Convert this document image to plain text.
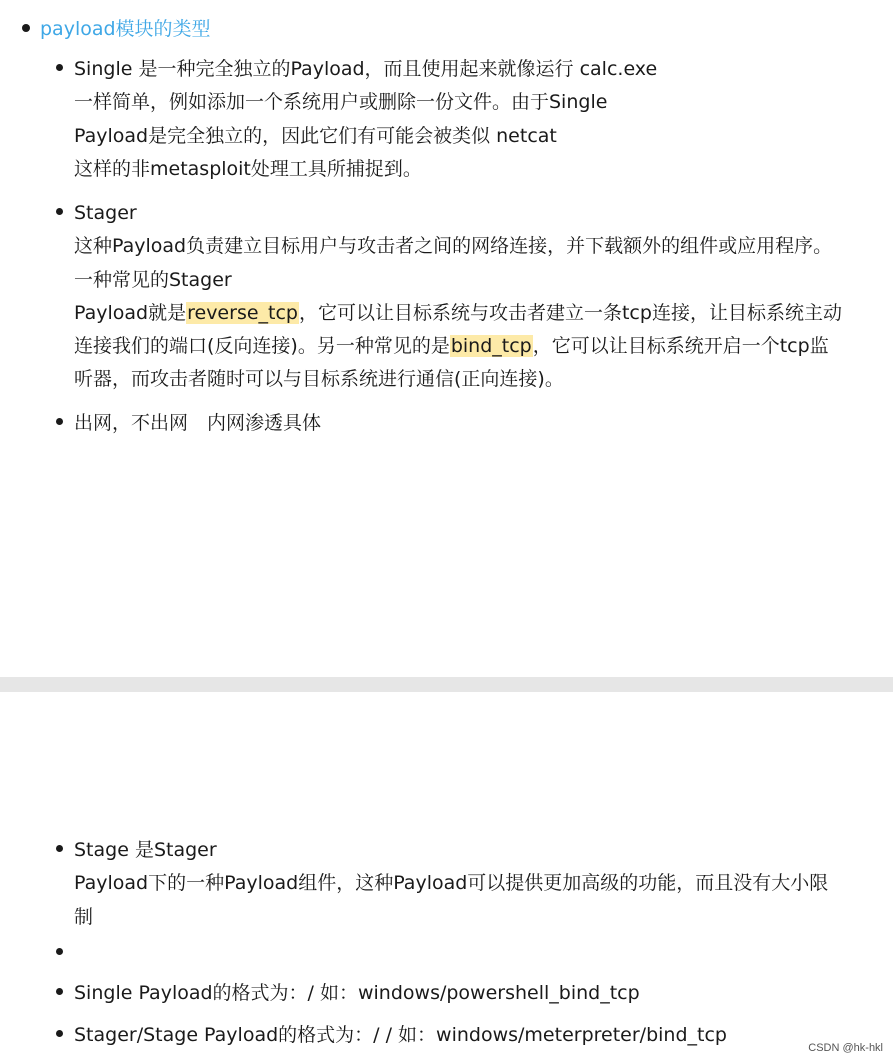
payload模块的类型
Single 是一种完全独立的Payload，而且使用起来就像运行 calc.exe
一样简单，例如添加一个系统用户或删除一份文件。由于Single
Payload是完全独立的，因此它们有可能会被类似 netcat
这样的非metasploit处理工具所捕捉到。
Stager
这种Payload负责建立目标用户与攻击者之间的网络连接，并下载额外的组件或应用程序。
一种常见的Stager
Payload就是reverse_tcp，它可以让目标系统与攻击者建立一条tcp连接，让目标系统主动
连接我们的端口(反向连接)。另一种常见的是bind_tcp，它可以让目标系统开启一个tcp监
听器，而攻击者随时可以与目标系统进行通信(正向连接)。
出网，不出网　内网渗透具体
Stage 是Stager
Payload下的一种Payload组件，这种Payload可以提供更加高级的功能，而且没有大小限
制

Single Payload的格式为：/ 如：windows/powershell_bind_tcp
Stager/Stage Payload的格式为：/ / 如：windows/meterpreter/bind_tcp
CSDN @hk-hkl
